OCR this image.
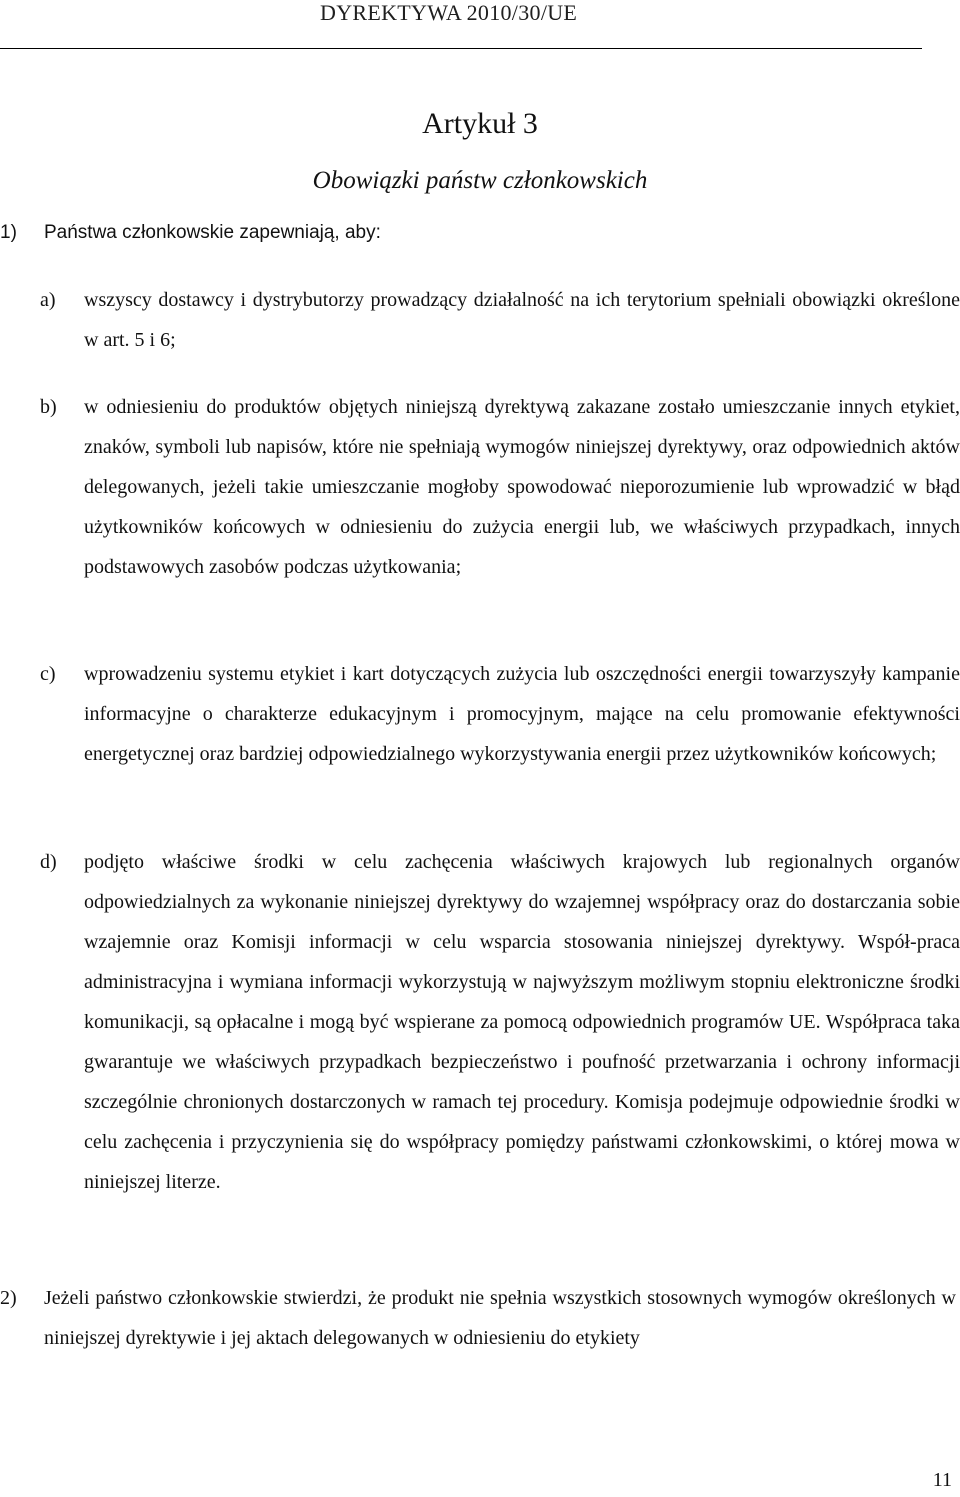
DYREKTYWA 2010/30/UE
Artykuł 3
Obowiązki państw członkowskich
1) Państwa członkowskie zapewniają, aby:
a) wszyscy dostawcy i dystrybutorzy prowadzący działalność na ich terytorium spełniali obowiązki określone w art. 5 i 6;
b) w odniesieniu do produktów objętych niniejszą dyrektywą zakazane zostało umieszczanie innych etykiet, znaków, symboli lub napisów, które nie spełniają wymogów niniejszej dyrektywy, oraz odpowiednich aktów delegowanych, jeżeli takie umieszczanie mogłoby spowodować nieporozumienie lub wprowadzić w błąd użytkowników końcowych w odniesieniu do zużycia energii lub, we właściwych przypadkach, innych podstawowych zasobów podczas użytkowania;
c) wprowadzeniu systemu etykiet i kart dotyczących zużycia lub oszczędności energii towarzyszyły kampanie informacyjne o charakterze edukacyjnym i promocyjnym, mające na celu promowanie efektywności energetycznej oraz bardziej odpowiedzialnego wykorzystywania energii przez użytkowników końcowych;
d) podjęto właściwe środki w celu zachęcenia właściwych krajowych lub regionalnych organów odpowiedzialnych za wykonanie niniejszej dyrektywy do wzajemnej współpracy oraz do dostarczania sobie wzajemnie oraz Komisji informacji w celu wsparcia stosowania niniejszej dyrektywy. Współ-praca administracyjna i wymiana informacji wykorzystują w najwyższym możliwym stopniu elektroniczne środki komunikacji, są opłacalne i mogą być wspierane za pomocą odpowiednich programów UE. Współpraca taka gwarantuje we właściwych przypadkach bezpieczeństwo i poufność przetwarzania i ochrony informacji szczególnie chronionych dostarczonych w ramach tej procedury. Komisja podejmuje odpowiednie środki w celu zachęcenia i przyczynienia się do współpracy pomiędzy państwami członkowskimi, o której mowa w niniejszej literze.
2) Jeżeli państwo członkowskie stwierdzi, że produkt nie spełnia wszystkich stosownych wymogów określonych w niniejszej dyrektywie i jej aktach delegowanych w odniesieniu do etykiety
11
